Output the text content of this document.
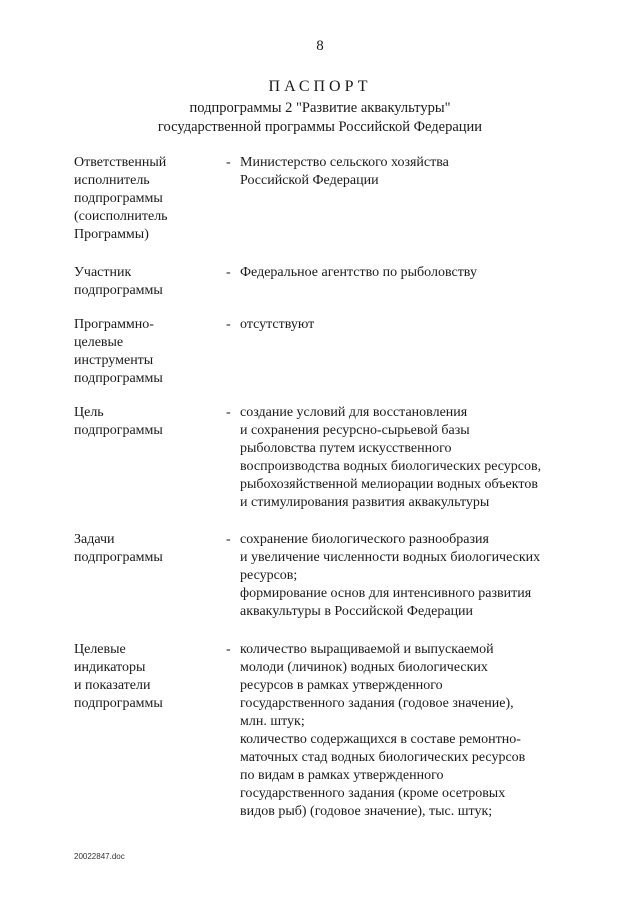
8
ПАСПОРТ
подпрограммы 2 "Развитие аквакультуры"
государственной программы Российской Федерации
Ответственный
исполнитель
подпрограммы
(соисполнитель
Программы)
- Министерство сельского хозяйства
Российской Федерации
Участник
подпрограммы
- Федеральное агентство по рыболовству
Программно-
целевые
инструменты
подпрограммы
- отсутствуют
Цель
подпрограммы
- создание условий для восстановления
и сохранения ресурсно-сырьевой базы
рыболовства путем искусственного
воспроизводства водных биологических ресурсов,
рыбохозяйственной мелиорации водных объектов
и стимулирования развития аквакультуры
Задачи
подпрограммы
- сохранение биологического разнообразия
и увеличение численности водных биологических
ресурсов;
формирование основ для интенсивного развития
аквакультуры в Российской Федерации
Целевые
индикаторы
и показатели
подпрограммы
- количество выращиваемой и выпускаемой
молоди (личинок) водных биологических
ресурсов в рамках утвержденного
государственного задания (годовое значение),
млн. штук;
количество содержащихся в составе ремонтно-
маточных стад водных биологических ресурсов
по видам в рамках утвержденного
государственного задания (кроме осетровых
видов рыб) (годовое значение), тыс. штук;
20022847.doc
